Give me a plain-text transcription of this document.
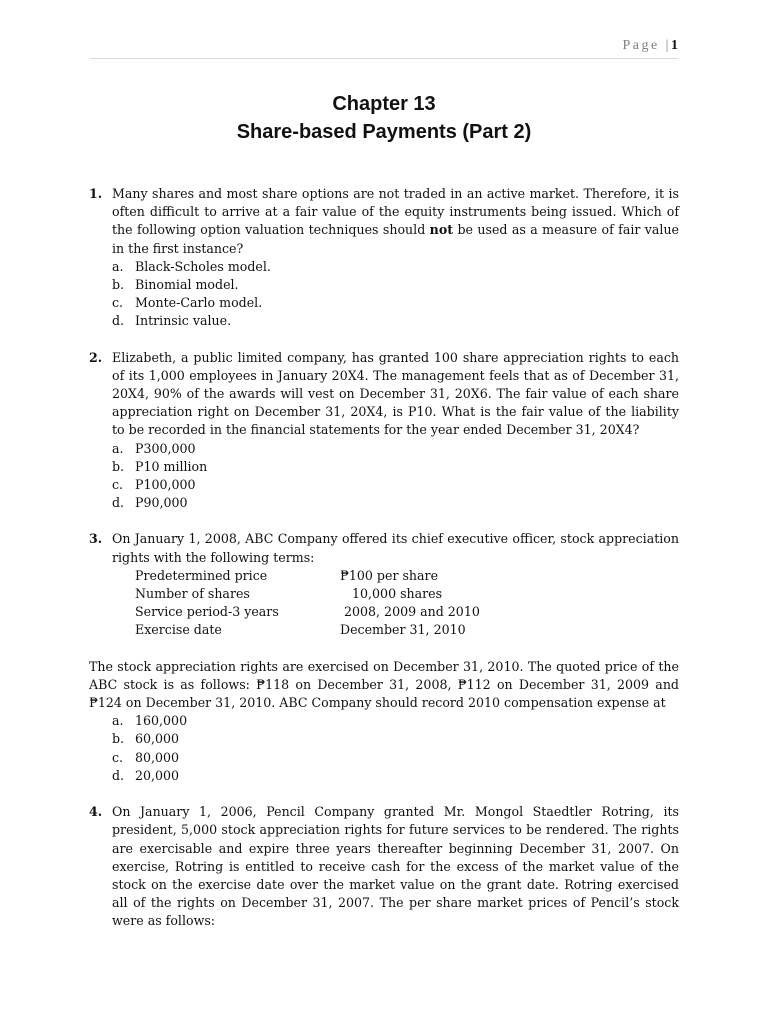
Page |1
Chapter 13
Share-based Payments (Part 2)
1. Many shares and most share options are not traded in an active market. Therefore, it is often difficult to arrive at a fair value of the equity instruments being issued. Which of the following option valuation techniques should not be used as a measure of fair value in the first instance?
a. Black-Scholes model.
b. Binomial model.
c. Monte-Carlo model.
d. Intrinsic value.
2. Elizabeth, a public limited company, has granted 100 share appreciation rights to each of its 1,000 employees in January 20X4. The management feels that as of December 31, 20X4, 90% of the awards will vest on December 31, 20X6. The fair value of each share appreciation right on December 31, 20X4, is P10. What is the fair value of the liability to be recorded in the financial statements for the year ended December 31, 20X4?
a. P300,000
b. P10 million
c. P100,000
d. P90,000
3. On January 1, 2008, ABC Company offered its chief executive officer, stock appreciation rights with the following terms:
Predetermined price	₱100 per share
Number of shares	10,000 shares
Service period-3 years	2008, 2009 and 2010
Exercise date	December 31, 2010
The stock appreciation rights are exercised on December 31, 2010. The quoted price of the ABC stock is as follows: ₱118 on December 31, 2008, ₱112 on December 31, 2009 and ₱124 on December 31, 2010. ABC Company should record 2010 compensation expense at
a. 160,000
b. 60,000
c. 80,000
d. 20,000
4. On January 1, 2006, Pencil Company granted Mr. Mongol Staedtler Rotring, its president, 5,000 stock appreciation rights for future services to be rendered. The rights are exercisable and expire three years thereafter beginning December 31, 2007. On exercise, Rotring is entitled to receive cash for the excess of the market value of the stock on the exercise date over the market value on the grant date. Rotring exercised all of the rights on December 31, 2007. The per share market prices of Pencil’s stock were as follows:
